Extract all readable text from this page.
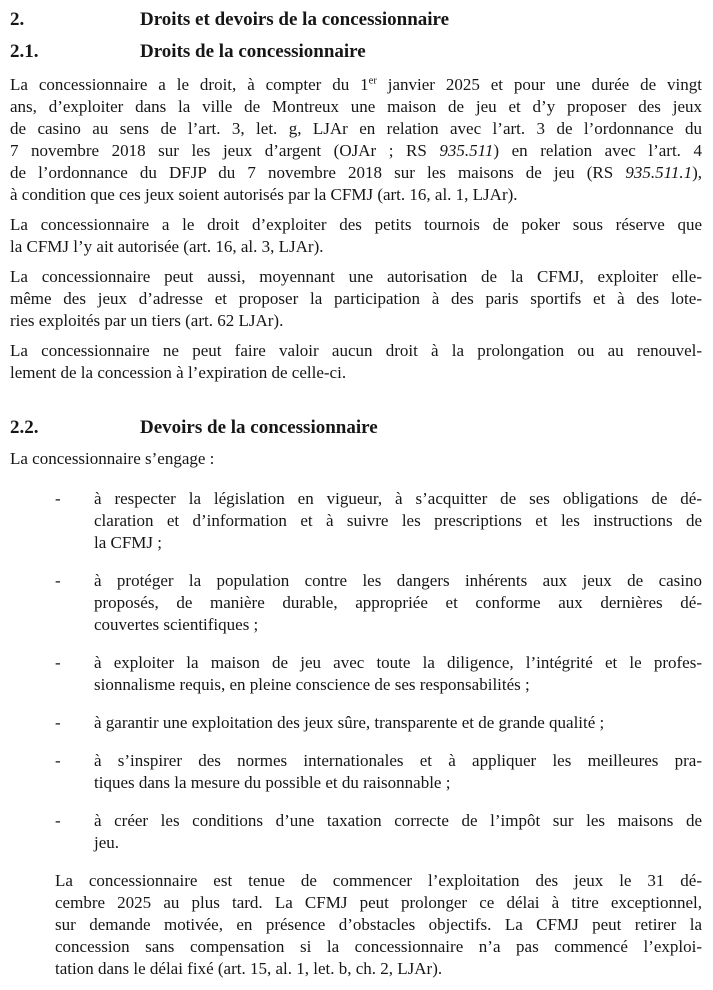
2.	Droits et devoirs de la concessionnaire
2.1.	Droits de la concessionnaire
La concessionnaire a le droit, à compter du 1er janvier 2025 et pour une durée de vingt
ans, d’exploiter dans la ville de Montreux une maison de jeu et d’y proposer des jeux
de casino au sens de l’art. 3, let. g, LJAr en relation avec l’art. 3 de l’ordonnance du
7 novembre 2018 sur les jeux d’argent (OJAr ; RS 935.511) en relation avec l’art. 4
de l’ordonnance du DFJP du 7 novembre 2018 sur les maisons de jeu (RS 935.511.1),
à condition que ces jeux soient autorisés par la CFMJ (art. 16, al. 1, LJAr).
La concessionnaire a le droit d’exploiter des petits tournois de poker sous réserve que
la CFMJ l’y ait autorisée (art. 16, al. 3, LJAr).
La concessionnaire peut aussi, moyennant une autorisation de la CFMJ, exploiter elle-
même des jeux d’adresse et proposer la participation à des paris sportifs et à des lote-
ries exploités par un tiers (art. 62 LJAr).
La concessionnaire ne peut faire valoir aucun droit à la prolongation ou au renouvel-
lement de la concession à l’expiration de celle-ci.
2.2.	Devoirs de la concessionnaire
La concessionnaire s’engage :
-	à respecter la législation en vigueur, à s’acquitter de ses obligations de dé-
claration et d’information et à suivre les prescriptions et les instructions de
la CFMJ ;
-	à protéger la population contre les dangers inhérents aux jeux de casino
proposés, de manière durable, appropriée et conforme aux dernières dé-
couvertes scientifiques ;
-	à exploiter la maison de jeu avec toute la diligence, l’intégrité et le profes-
sionnalisme requis, en pleine conscience de ses responsabilités ;
-	à garantir une exploitation des jeux sûre, transparente et de grande qualité ;
-	à s’inspirer des normes internationales et à appliquer les meilleures pra-
tiques dans la mesure du possible et du raisonnable ;
-	à créer les conditions d’une taxation correcte de l’impôt sur les maisons de
jeu.
La concessionnaire est tenue de commencer l’exploitation des jeux le 31 dé-
cembre 2025 au plus tard. La CFMJ peut prolonger ce délai à titre exceptionnel,
sur demande motivée, en présence d’obstacles objectifs. La CFMJ peut retirer la
concession sans compensation si la concessionnaire n’a pas commencé l’exploi-
tation dans le délai fixé (art. 15, al. 1, let. b, ch. 2, LJAr).
